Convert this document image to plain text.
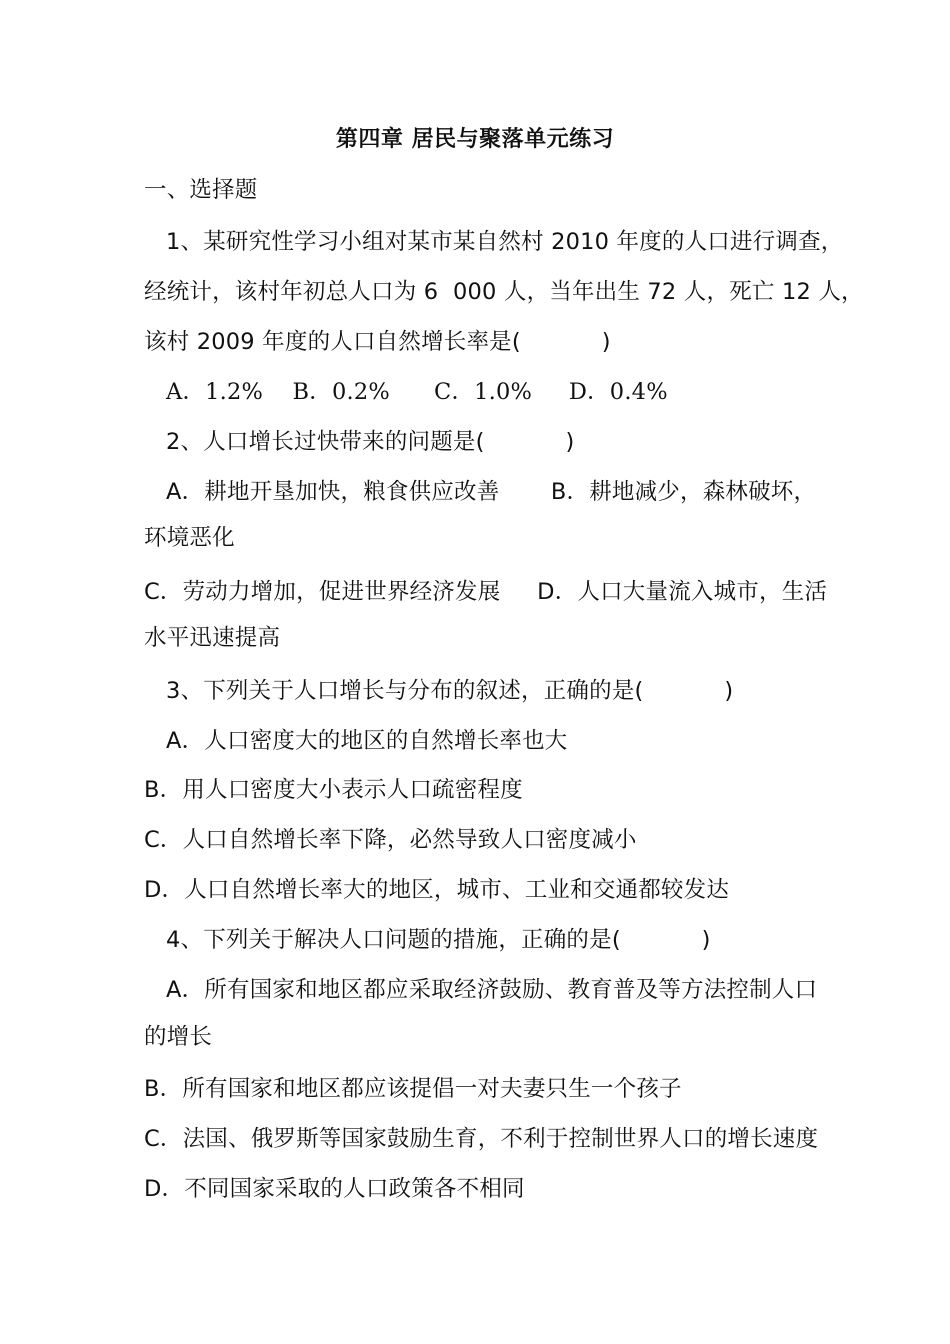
第四章 居民与聚落单元练习
一、选择题
1、某研究性学习小组对某市某自然村 2010 年度的人口进行调查，
经统计，该村年初总人口为 6  000 人，当年出生 72 人，死亡 12 人，
该村 2009 年度的人口自然增长率是(           )
A．1.2%    B．0.2%      C．1.0%     D．0.4%
2、人口增长过快带来的问题是(           )
A．耕地开垦加快，粮食供应改善       B．耕地减少，森林破坏，
环境恶化
C．劳动力增加，促进世界经济发展     D．人口大量流入城市，生活
水平迅速提高
3、下列关于人口增长与分布的叙述，正确的是(           )
A．人口密度大的地区的自然增长率也大
B．用人口密度大小表示人口疏密程度
C．人口自然增长率下降，必然导致人口密度减小
D．人口自然增长率大的地区，城市、工业和交通都较发达
4、下列关于解决人口问题的措施，正确的是(           )
A．所有国家和地区都应采取经济鼓励、教育普及等方法控制人口
的增长
B．所有国家和地区都应该提倡一对夫妻只生一个孩子
C．法国、俄罗斯等国家鼓励生育，不利于控制世界人口的增长速度
D．不同国家采取的人口政策各不相同
